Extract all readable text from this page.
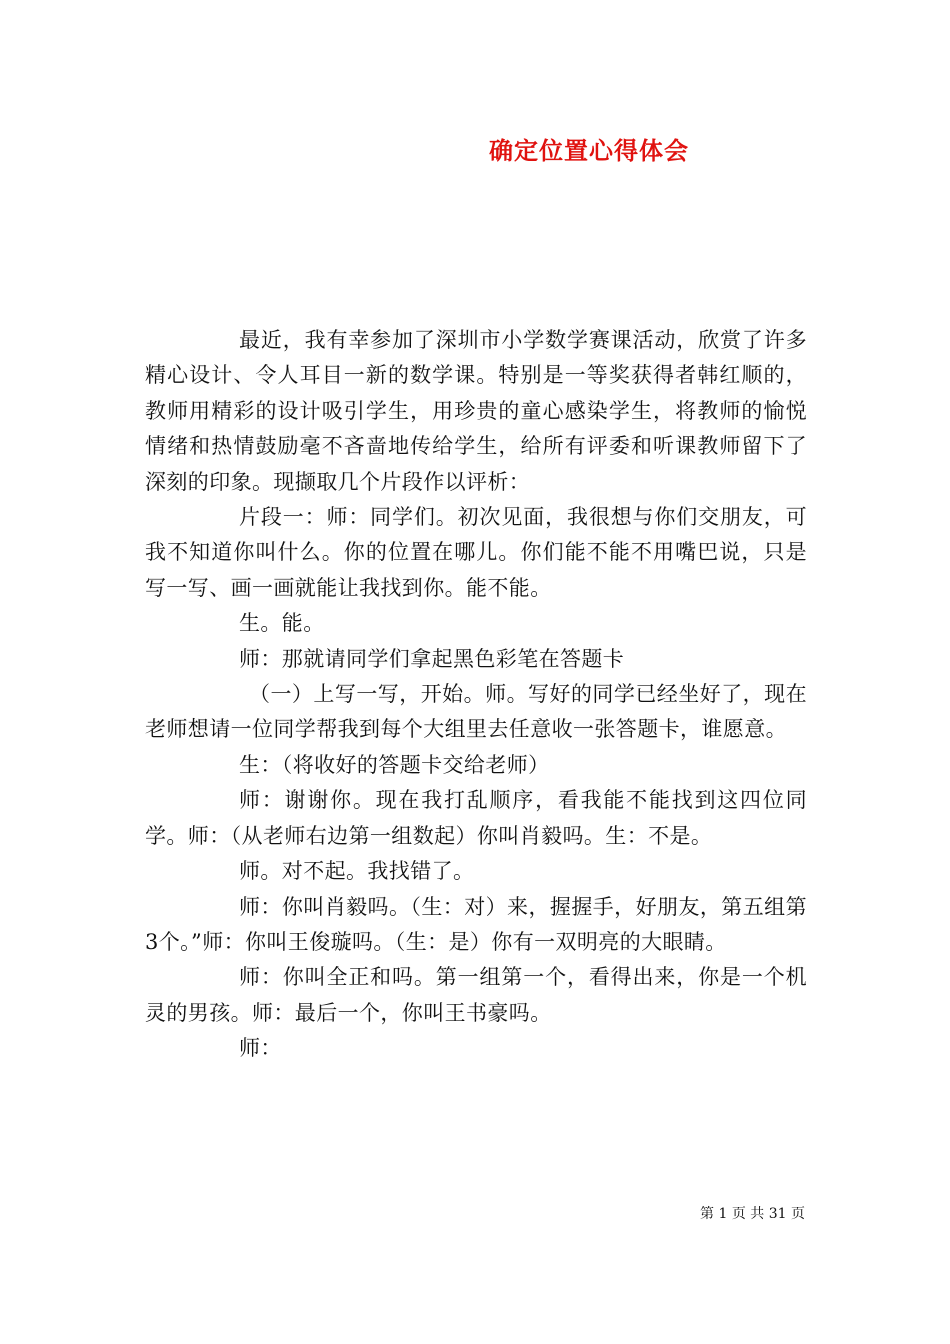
确定位置心得体会

最近，我有幸参加了深圳市小学数学赛课活动，欣赏了许多精心设计、令人耳目一新的数学课。特别是一等奖获得者韩红顺的，教师用精彩的设计吸引学生，用珍贵的童心感染学生，将教师的愉悦情绪和热情鼓励毫不吝啬地传给学生，给所有评委和听课教师留下了深刻的印象。现撷取几个片段作以评析：

片段一：师：同学们。初次见面，我很想与你们交朋友，可我不知道你叫什么。你的位置在哪儿。你们能不能不用嘴巴说，只是写一写、画一画就能让我找到你。能不能。

生。能。

师：那就请同学们拿起黑色彩笔在答题卡

（一）上写一写，开始。师。写好的同学已经坐好了，现在老师想请一位同学帮我到每个大组里去任意收一张答题卡，谁愿意。

生：（将收好的答题卡交给老师）

师：谢谢你。现在我打乱顺序，看我能不能找到这四位同学。师：（从老师右边第一组数起）你叫肖毅吗。生：不是。

师。对不起。我找错了。

师：你叫肖毅吗。（生：对）来，握握手，好朋友，第五组第3个。”师：你叫王俊璇吗。（生：是）你有一双明亮的大眼睛。

师：你叫全正和吗。第一组第一个，看得出来，你是一个机灵的男孩。师：最后一个，你叫王书豪吗。

师：

第 1 页 共 31 页
